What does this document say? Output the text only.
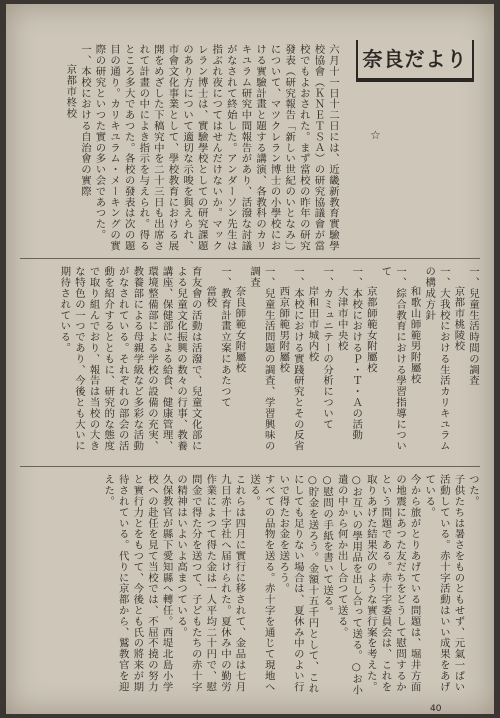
奈良だより
☆

六月十一日十二日には、近畿新教育實驗學校協會（ＫＮＥＴＳＡ）の研究協議會が當校でもよおされた。まず當校の昨年の研究發表（研究報告「新しい世紀のいとなみ」）について、マツクレラン博士の小學校における實驗計畫と題する講演、各教科のカリキユラム研究中間報告があり、活潑な討議がなされて終始した。アンダーソン先生は指ぶれ夜につてはせんだけないか。マックレラン博士は、實驗學校としての研究課題のあり方について適切な示唆を與えられ、市會文化事業として、學校教育における展開をめざした下稿究中を二十三日も出席されて計畫の中によき指示を与えられ。得るところ多大であつた。各校の發表は次の題目の通り。カリキユラム・メーキングの實際の研究といつた實の多い会であつた。

一、本校における自治會の實際

京都市柊校

一、兒童生活時間の調査

京都市桃陵校

一、大我校における生活カリキユラムの構成方針

和歌山師範男附屬校

一、綜合教育における學習指導について

京都師範女附屬校

一、本校におけるＰ・Ｔ・Ａの活動

大津市中央校

一、カミュニテーの分析について

岸和田市城内校

一、本校における實踐研究とその反省

西京師範男附屬校

一、兒童生活問題の調査、学習興味の調査

奈良師範女附屬校

一、教育計畫立案にあたつて

當校

育友會の活動は活潑で、兒童文化部による兒童文化振興の数々の行事、教養講座、保健部による給食、健康管理、環境整備部による学校の設備の充実、教養部による母親学級など多彩な活動がなされている。それぞれの部会の活動を紹介するとともに、研究的な態度で取り組んでおり、報告は当校の大きな特色の一つであり、今後とも大いに期待されている。

つた。

子供たちは暑さをものともせず、元氣一ぱい活動している。赤十字活動はいい成果をあげている。

今から旅がとりあげている問題は、堀井方面の地震にあつた友だちをどうして慰問するかという問題である。赤十字委員会は、これを取りあげた結果次のような實行案を考えた。

○お互いの學用品を出し合って送る。○お小遣の中から何か出し合つて送る。

○慰問の手紙を書いて送る。

○貯金を送ろう。金額十五千円として、これにしても足りない場合は、夏休み中のよい行いで得たお金を送ろう。

すべての品物を送る。赤十字を通じて現地へ送る。

これらは四月に實行に移されて、金品は七月九日赤十字社へ届けられた。夏休み中の勤労作業によつて得た金は一人平均二十円で、慰問金で得た分を送つて、子どもたちの赤十字の精神はいよいよ高まつている。

久保教官が縣下愛知縣へ轉任。西堤北島小学校への赴任を見て当校では、不屈不撓の努力と實行力とをもつて、今後とも氏の將来が期待されている。代りに京都から、鷲教官を迎えた。

40
